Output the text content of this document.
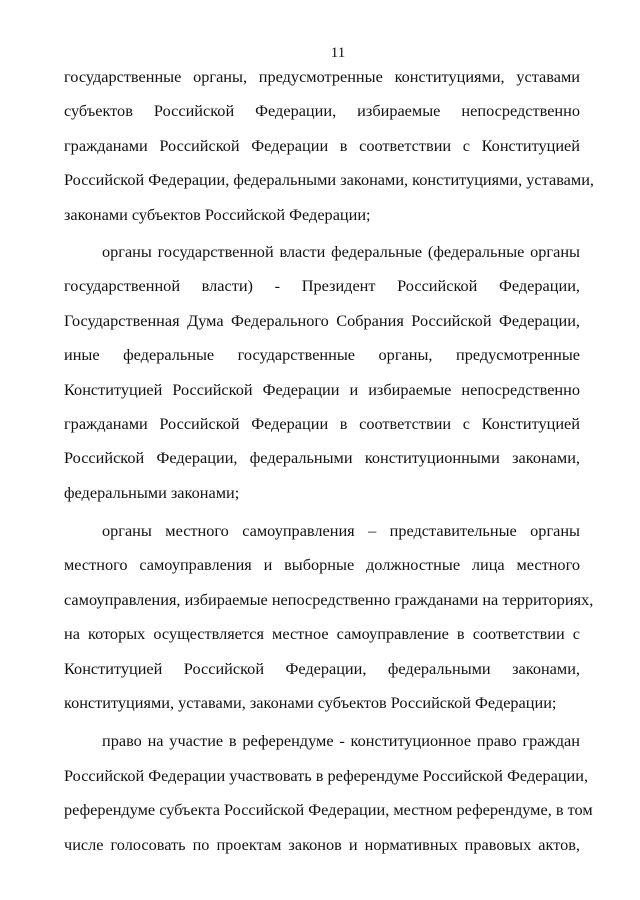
11
государственные органы, предусмотренные конституциями, уставами
субъектов Российской Федерации, избираемые непосредственно
гражданами Российской Федерации в соответствии с Конституцией
Российской Федерации, федеральными законами, конституциями, уставами,
законами субъектов Российской Федерации;
органы государственной власти федеральные (федеральные органы
государственной власти) - Президент Российской Федерации,
Государственная Дума Федерального Собрания Российской Федерации,
иные федеральные государственные органы, предусмотренные
Конституцией Российской Федерации и избираемые непосредственно
гражданами Российской Федерации в соответствии с Конституцией
Российской Федерации, федеральными конституционными законами,
федеральными законами;
органы местного самоуправления – представительные органы
местного самоуправления и выборные должностные лица местного
самоуправления, избираемые непосредственно гражданами на территориях,
на которых осуществляется местное самоуправление в соответствии с
Конституцией Российской Федерации, федеральными законами,
конституциями, уставами, законами субъектов Российской Федерации;
право на участие в референдуме - конституционное право граждан
Российской Федерации участвовать в референдуме Российской Федерации,
референдуме субъекта Российской Федерации, местном референдуме, в том
числе голосовать по проектам законов и нормативных правовых актов,
